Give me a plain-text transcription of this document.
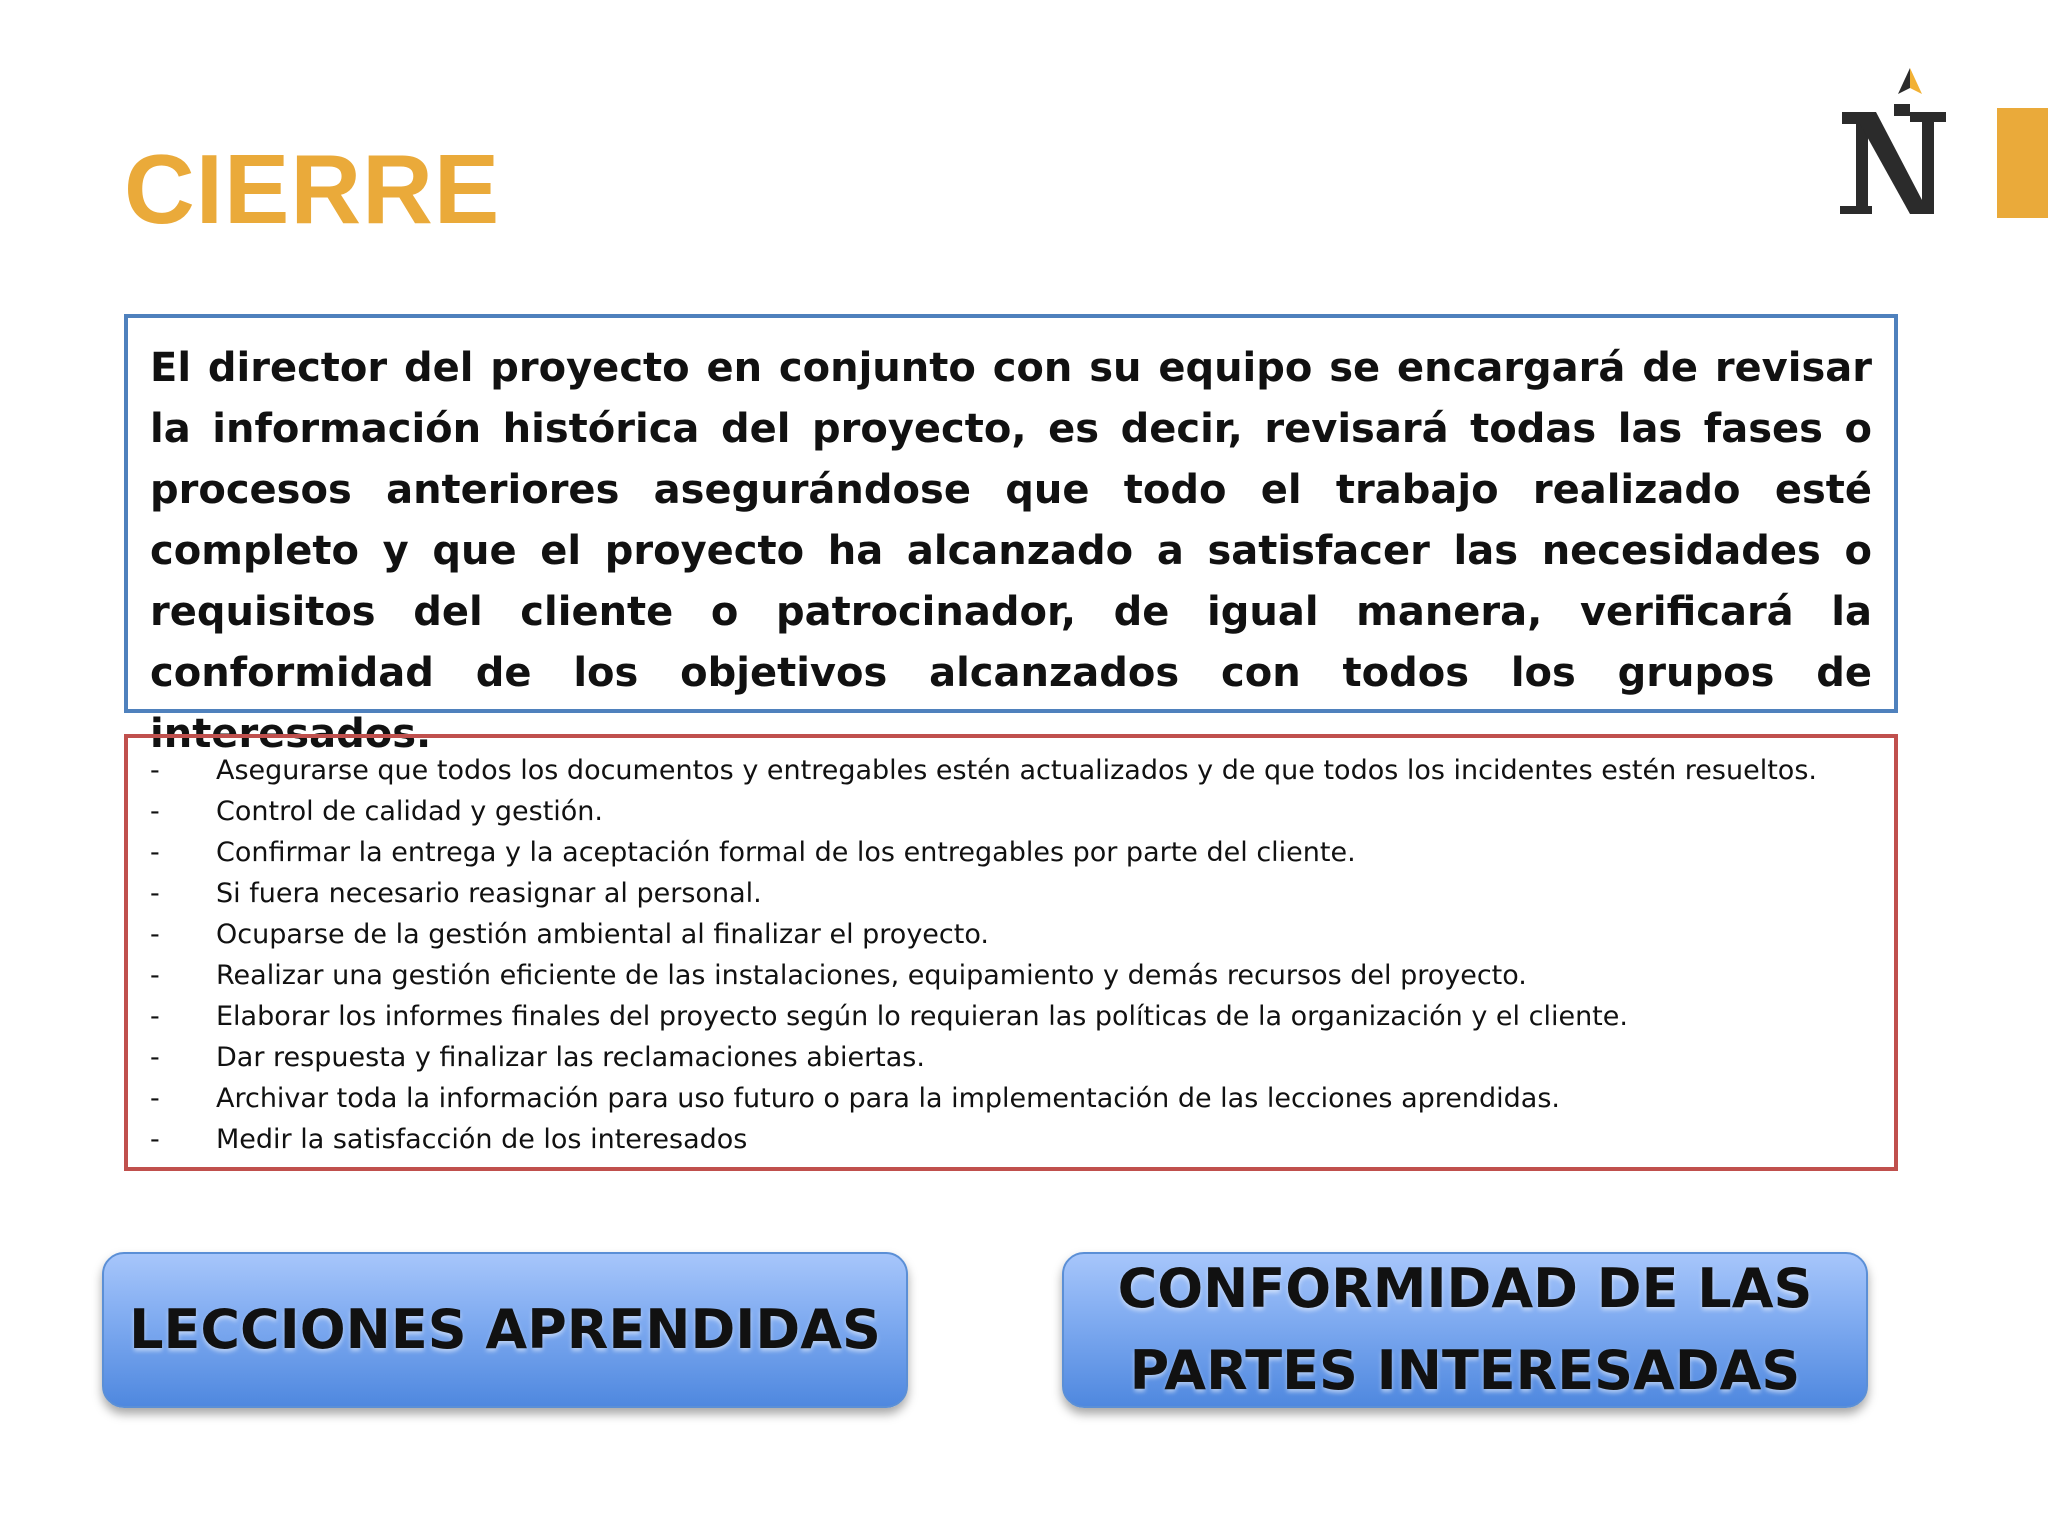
CIERRE

El director del proyecto en conjunto con su equipo se encargará de revisar la información histórica del proyecto, es decir, revisará todas las fases o procesos anteriores asegurándose que todo el trabajo realizado esté completo y que el proyecto ha alcanzado a satisfacer las necesidades o requisitos del cliente o patrocinador, de igual manera, verificará la conformidad de los objetivos alcanzados con todos los grupos de interesados.

-	Asegurarse que todos los documentos y entregables estén actualizados y de que todos los incidentes estén resueltos.
-	Control de calidad y gestión.
-	Confirmar la entrega y la aceptación formal de los entregables por parte del cliente.
-	Si fuera necesario reasignar al personal.
-	Ocuparse de la gestión ambiental al finalizar el proyecto.
-	Realizar una gestión eficiente de las instalaciones, equipamiento y demás recursos del proyecto.
-	Elaborar los informes finales del proyecto según lo requieran las políticas de la organización y el cliente.
-	Dar respuesta y finalizar las reclamaciones abiertas.
-	Archivar toda la información para uso futuro o para la implementación de las lecciones aprendidas.
-	Medir la satisfacción de los interesados
LECCIONES APRENDIDAS
CONFORMIDAD DE LAS
PARTES INTERESADAS
